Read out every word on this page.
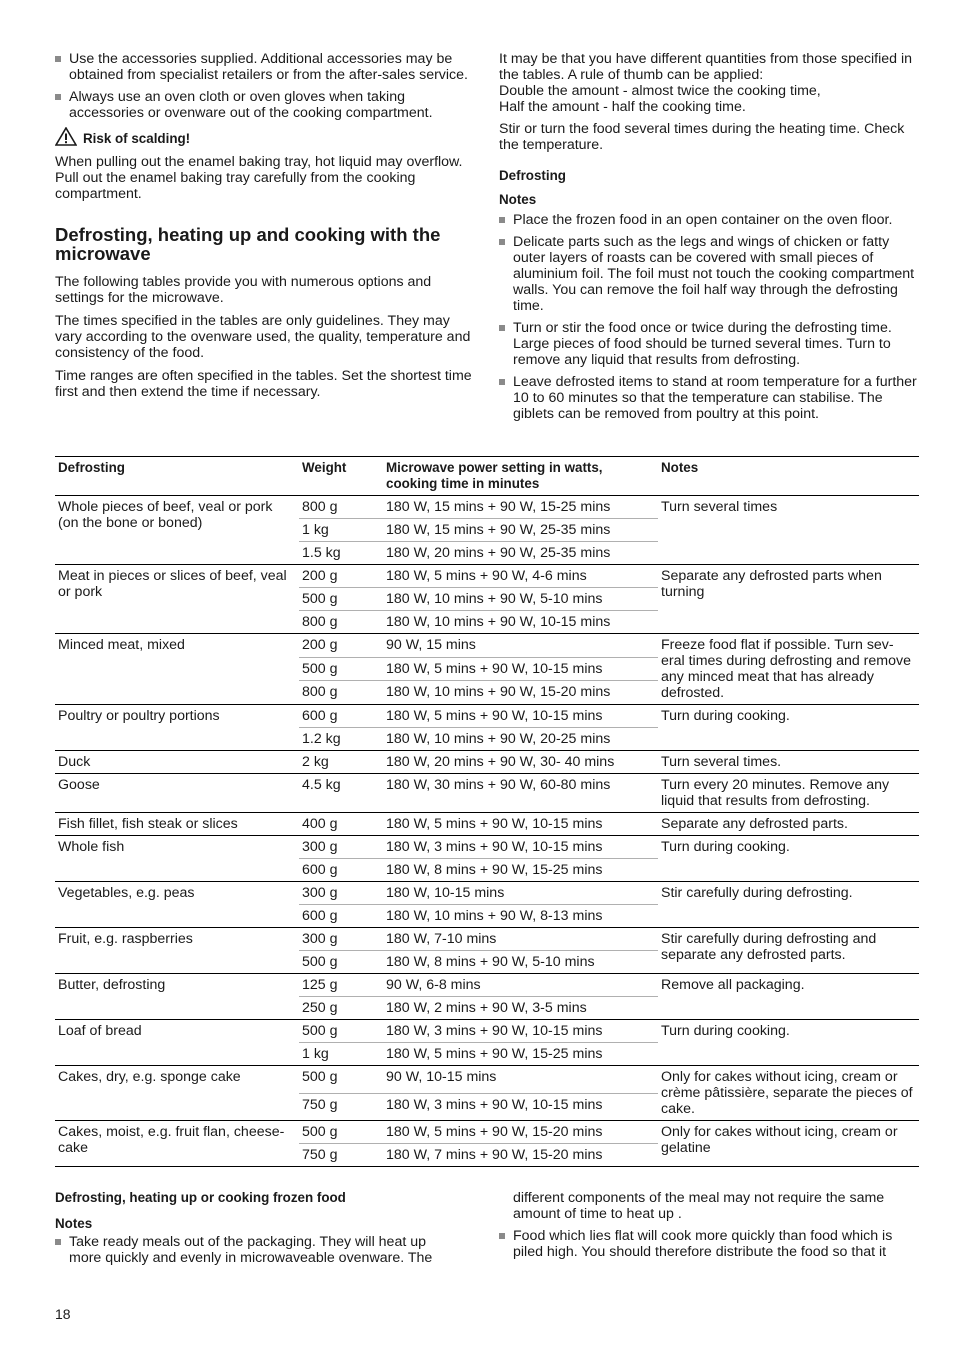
Use the accessories supplied. Additional accessories may be obtained from specialist retailers or from the after-sales service.

Always use an oven cloth or oven gloves when taking accessories or ovenware out of the cooking compartment.

Risk of scalding!

When pulling out the enamel baking tray, hot liquid may overflow. Pull out the enamel baking tray carefully from the cooking compartment.

Defrosting, heating up and cooking with the microwave

The following tables provide you with numerous options and settings for the microwave.

The times specified in the tables are only guidelines. They may vary according to the ovenware used, the quality, temperature and consistency of the food.

Time ranges are often specified in the tables. Set the shortest time first and then extend the time if necessary.

It may be that you have different quantities from those specified in the tables. A rule of thumb can be applied:
Double the amount - almost twice the cooking time,
Half the amount - half the cooking time.

Stir or turn the food several times during the heating time. Check the temperature.

Defrosting

Notes

Place the frozen food in an open container on the oven floor.

Delicate parts such as the legs and wings of chicken or fatty outer layers of roasts can be covered with small pieces of aluminium foil. The foil must not touch the cooking compartment walls. You can remove the foil half way through the defrosting time.

Turn or stir the food once or twice during the defrosting time. Large pieces of food should be turned several times. Turn to remove any liquid that results from defrosting.

Leave defrosted items to stand at room temperature for a further 10 to 60 minutes so that the temperature can stabilise. The giblets can be removed from poultry at this point.

Defrosting	Weight	Microwave power setting in watts, cooking time in minutes	Notes
Whole pieces of beef, veal or pork (on the bone or boned)	800 g	180 W, 15 mins + 90 W, 15-25 mins	Turn several times
	1 kg	180 W, 15 mins + 90 W, 25-35 mins	
	1.5 kg	180 W, 20 mins + 90 W, 25-35 mins	
Meat in pieces or slices of beef, veal or pork	200 g	180 W, 5 mins + 90 W, 4-6 mins	Separate any defrosted parts when turning
	500 g	180 W, 10 mins + 90 W, 5-10 mins	
	800 g	180 W, 10 mins + 90 W, 10-15 mins	
Minced meat, mixed	200 g	90 W, 15 mins	Freeze food flat if possible. Turn sev-eral times during defrosting and remove any minced meat that has already defrosted.
	500 g	180 W, 5 mins + 90 W, 10-15 mins	
	800 g	180 W, 10 mins + 90 W, 15-20 mins	
Poultry or poultry portions	600 g	180 W, 5 mins + 90 W, 10-15 mins	Turn during cooking.
	1.2 kg	180 W, 10 mins + 90 W, 20-25 mins	
Duck	2 kg	180 W, 20 mins + 90 W, 30- 40 mins	Turn several times.
Goose	4.5 kg	180 W, 30 mins + 90 W, 60-80 mins	Turn every 20 minutes. Remove any liquid that results from defrosting.
Fish fillet, fish steak or slices	400 g	180 W, 5 mins + 90 W, 10-15 mins	Separate any defrosted parts.
Whole fish	300 g	180 W, 3 mins + 90 W, 10-15 mins	Turn during cooking.
	600 g	180 W, 8 mins + 90 W, 15-25 mins	
Vegetables, e.g. peas	300 g	180 W, 10-15 mins	Stir carefully during defrosting.
	600 g	180 W, 10 mins + 90 W, 8-13 mins	
Fruit, e.g. raspberries	300 g	180 W, 7-10 mins	Stir carefully during defrosting and separate any defrosted parts.
	500 g	180 W, 8 mins + 90 W, 5-10 mins	
Butter, defrosting	125 g	90 W, 6-8 mins	Remove all packaging.
	250 g	180 W, 2 mins + 90 W, 3-5 mins	
Loaf of bread	500 g	180 W, 3 mins + 90 W, 10-15 mins	Turn during cooking.
	1 kg	180 W, 5 mins + 90 W, 15-25 mins	
Cakes, dry, e.g. sponge cake	500 g	90 W, 10-15 mins	Only for cakes without icing, cream or crème pâtissière, separate the pieces of cake.
	750 g	180 W, 3 mins + 90 W, 10-15 mins	
Cakes, moist, e.g. fruit flan, cheese-cake	500 g	180 W, 5 mins + 90 W, 15-20 mins	Only for cakes without icing, cream or gelatine
	750 g	180 W, 7 mins + 90 W, 15-20 mins	

Defrosting, heating up or cooking frozen food

Notes

Take ready meals out of the packaging. They will heat up more quickly and evenly in microwaveable ovenware. The

different components of the meal may not require the same amount of time to heat up .

Food which lies flat will cook more quickly than food which is piled high. You should therefore distribute the food so that it

18
